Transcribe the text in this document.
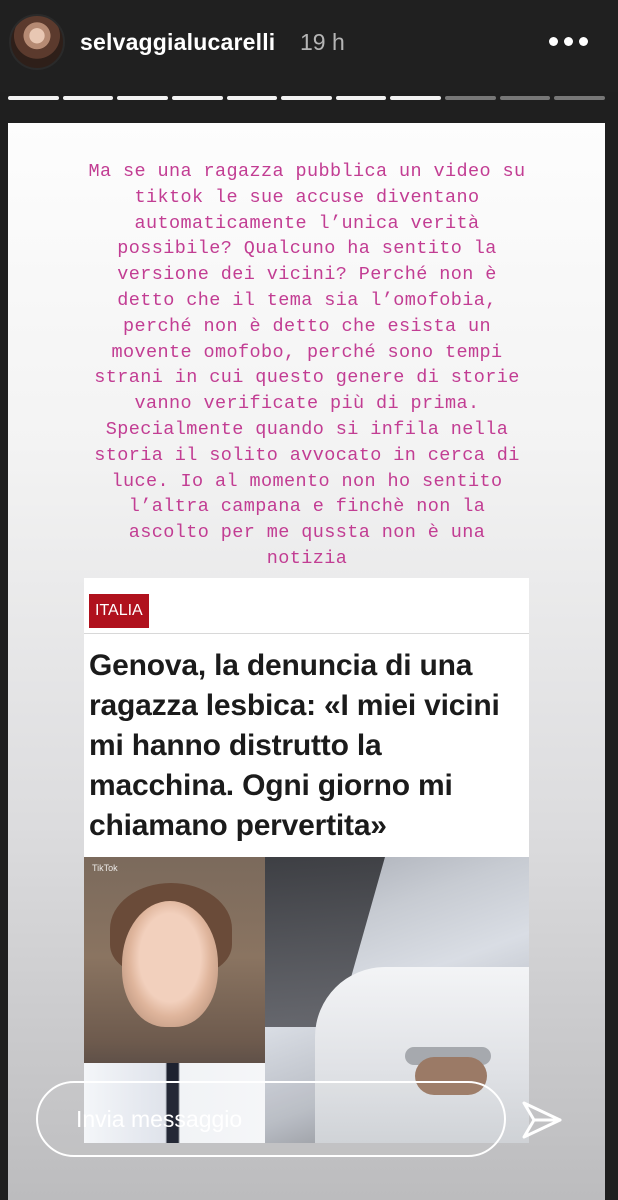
selvaggialucarelli 19 h
Ma se una ragazza pubblica un video su
tiktok le sue accuse diventano
automaticamente l’unica verità
possibile? Qualcuno ha sentito la
versione dei vicini? Perché non è
detto che il tema sia l’omofobia,
perché non è detto che esista un
movente omofobo, perché sono tempi
strani in cui questo genere di storie
vanno verificate più di prima.
Specialmente quando si infila nella
storia il solito avvocato in cerca di
luce. Io al momento non ho sentito
l’altra campana e finchè non la
ascolto per me qussta non è una
notizia
ITALIA
Genova, la denuncia di una ragazza lesbica: «I miei vicini mi hanno distrutto la macchina. Ogni giorno mi chiamano pervertita»
TikTok
Invia messaggio
